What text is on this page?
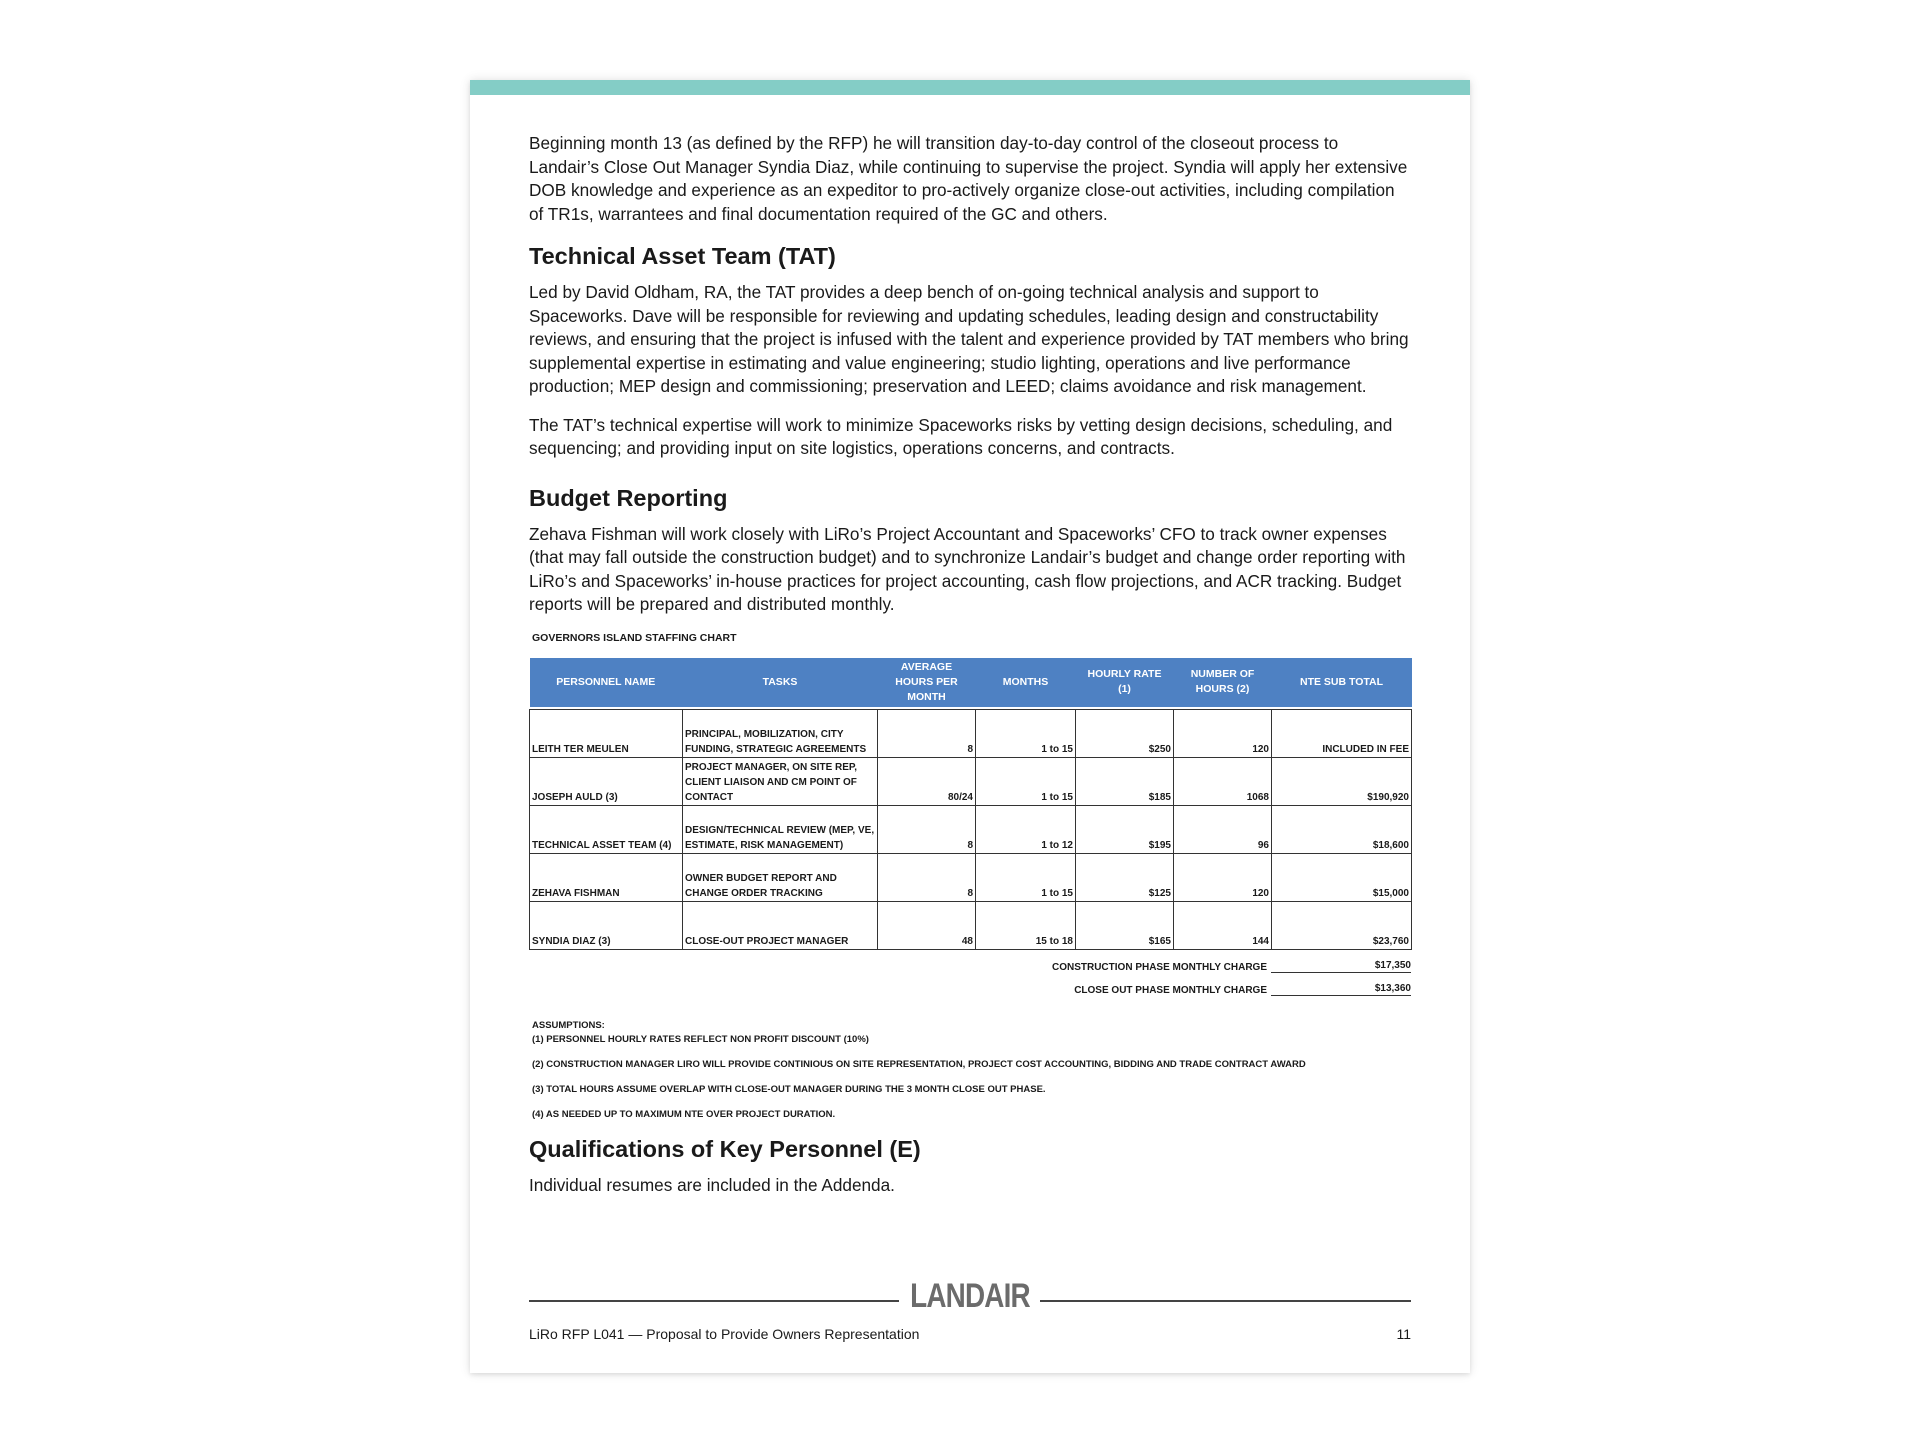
Beginning month 13 (as defined by the RFP) he will transition day-to-day control of the closeout process to Landair’s Close Out Manager Syndia Diaz, while continuing to supervise the project. Syndia will apply her extensive DOB knowledge and experience as an expeditor to pro-actively organize close-out activities, including compilation of TR1s, warrantees and final documentation required of the GC and others.

Technical Asset Team (TAT)

Led by David Oldham, RA, the TAT provides a deep bench of on-going technical analysis and support to Spaceworks. Dave will be responsible for reviewing and updating schedules, leading design and constructability reviews, and ensuring that the project is infused with the talent and experience provided by TAT members who bring supplemental expertise in estimating and value engineering; studio lighting, operations and live performance production; MEP design and commissioning; preservation and LEED; claims avoidance and risk management.

The TAT’s technical expertise will work to minimize Spaceworks risks by vetting design decisions, scheduling, and sequencing; and providing input on site logistics, operations concerns, and contracts.

Budget Reporting

Zehava Fishman will work closely with LiRo’s Project Accountant and Spaceworks’ CFO to track owner expenses (that may fall outside the construction budget) and to synchronize Landair’s budget and change order reporting with LiRo’s and Spaceworks’ in-house practices for project accounting, cash flow projections, and ACR tracking. Budget reports will be prepared and distributed monthly.

GOVERNORS ISLAND STAFFING CHART
PERSONNEL NAME	TASKS	AVERAGE HOURS PER MONTH	MONTHS	HOURLY RATE (1)	NUMBER OF HOURS (2)	NTE SUB TOTAL

LEITH TER MEULEN	PRINCIPAL, MOBILIZATION, CITY FUNDING, STRATEGIC AGREEMENTS	8	1 to 15	$250	120	INCLUDED IN FEE
JOSEPH AULD (3)	PROJECT MANAGER, ON SITE REP, CLIENT LIAISON AND CM POINT OF CONTACT	80/24	1 to 15	$185	1068	$190,920
TECHNICAL ASSET TEAM (4)	DESIGN/TECHNICAL REVIEW (MEP, VE, ESTIMATE, RISK MANAGEMENT)	8	1 to 12	$195	96	$18,600
ZEHAVA FISHMAN	OWNER BUDGET REPORT AND CHANGE ORDER TRACKING	8	1 to 15	$125	120	$15,000
SYNDIA DIAZ (3)	CLOSE-OUT PROJECT MANAGER	48	15 to 18	$165	144	$23,760
CONSTRUCTION PHASE MONTHLY CHARGE	$17,350
CLOSE OUT PHASE MONTHLY CHARGE	$13,360
ASSUMPTIONS:
(1) PERSONNEL HOURLY RATES REFLECT NON PROFIT DISCOUNT (10%)
(2) CONSTRUCTION MANAGER LIRO WILL PROVIDE CONTINIOUS ON SITE REPRESENTATION, PROJECT COST ACCOUNTING, BIDDING AND TRADE CONTRACT AWARD
(3) TOTAL HOURS ASSUME OVERLAP WITH CLOSE-OUT MANAGER DURING THE 3 MONTH CLOSE OUT PHASE.
(4) AS NEEDED UP TO MAXIMUM NTE OVER PROJECT DURATION.
Qualifications of Key Personnel (E)

Individual resumes are included in the Addenda.

LANDAIR
LiRo RFP L041 — Proposal to Provide Owners Representation	11
